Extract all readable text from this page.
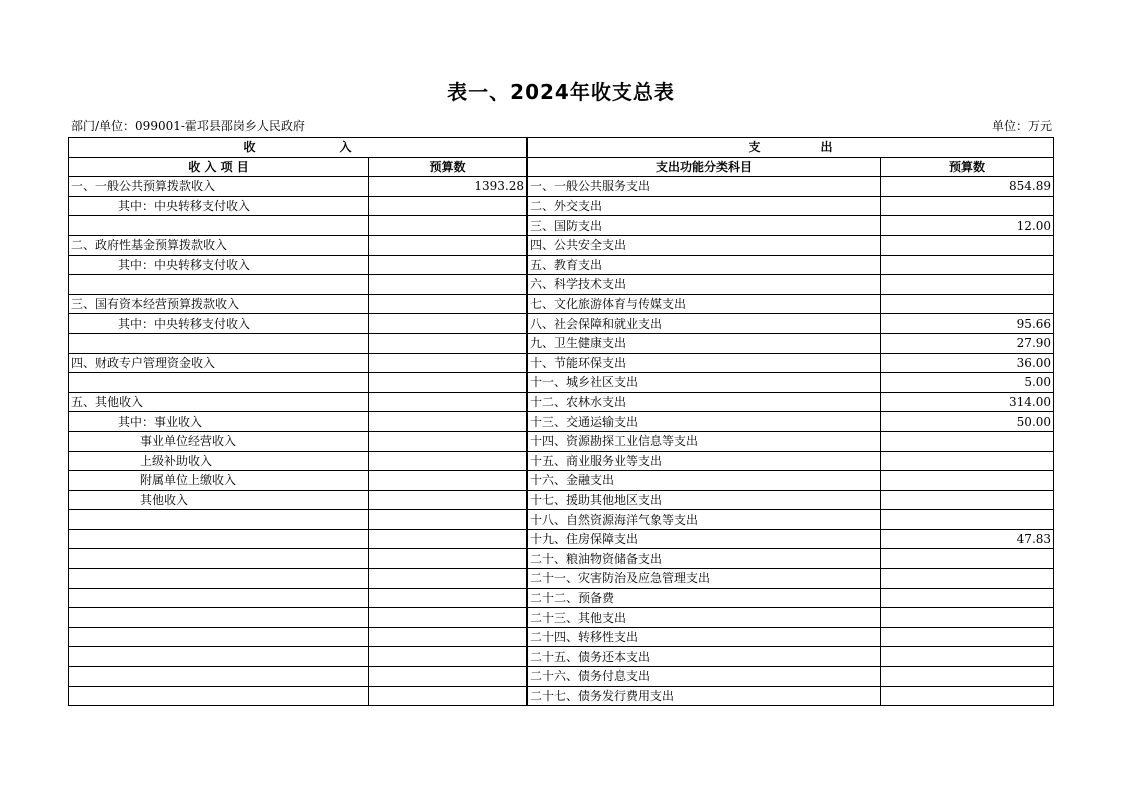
表一、2024年收支总表
部门/单位：099001-霍邛县邵岗乡人民政府	单位：万元
收　　　　　　　入		支　　　　　出	
收 入 项 目	预算数		支出功能分类科目	预算数
一、一般公共预算拨款收入	1393.28		一、一般公共服务支出	854.89
其中：中央转移支付收入			二、外交支出	
			三、国防支出	12.00
二、政府性基金预算拨款收入			四、公共安全支出	
其中：中央转移支付收入			五、教育支出	
			六、科学技术支出	
三、国有资本经营预算拨款收入			七、文化旅游体育与传媒支出	
其中：中央转移支付收入			八、社会保障和就业支出	95.66
			九、卫生健康支出	27.90
四、财政专户管理资金收入			十、节能环保支出	36.00
			十一、城乡社区支出	5.00
五、其他收入			十二、农林水支出	314.00
其中：事业收入			十三、交通运输支出	50.00
事业单位经营收入			十四、资源勘探工业信息等支出	
上级补助收入			十五、商业服务业等支出	
附属单位上缴收入			十六、金融支出	
其他收入			十七、援助其他地区支出	
			十八、自然资源海洋气象等支出	
			十九、住房保障支出	47.83
			二十、粮油物资储备支出	
			二十一、灾害防治及应急管理支出	
			二十二、预备费	
			二十三、其他支出	
			二十四、转移性支出	
			二十五、债务还本支出	
			二十六、债务付息支出	
			二十七、债务发行费用支出	
